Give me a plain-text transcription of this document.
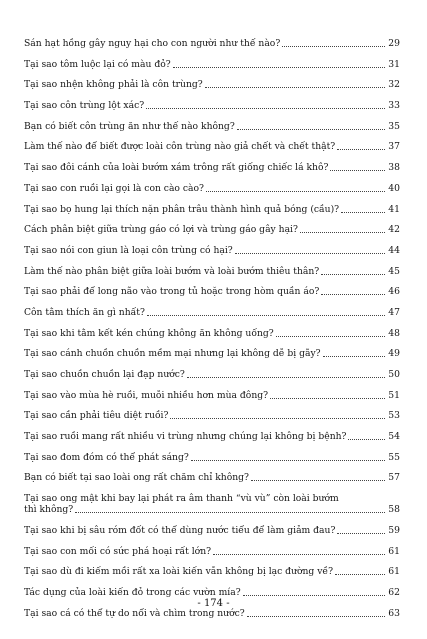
Sán hạt hồng gây nguy hại cho con người như thế nào?	29
Tại sao tôm luộc lại có màu đỏ?	31
Tại sao nhện không phải là côn trùng?	32
Tại sao côn trùng lột xác?	33
Bạn có biết côn trùng ăn như thế nào không?	35
Làm thế nào để biết được loài côn trùng nào giả chết và chết thật?	37
Tại sao đôi cánh của loài bướm xám trông rất giống chiếc lá khô?	38
Tại sao con ruồi lại gọi là con cào cào?	40
Tại sao bọ hung lại thích nặn phân trâu thành hình quả bóng (cầu)?	41
Cách phân biệt giữa trùng gáo có lợi và trùng gáo gây hại?	42
Tại sao nói con giun là loại côn trùng có hại?	44
Làm thế nào phân biệt giữa loài bướm và loài bướm thiêu thân?	45
Tại sao phải để long não vào trong tủ hoặc trong hòm quần áo?	46
Côn tằm thích ăn gì nhất?	47
Tại sao khi tằm kết kén chúng không ăn không uống?	48
Tại sao cánh chuồn chuồn mềm mại nhưng lại không dễ bị gãy?	49
Tại sao chuồn chuồn lại đạp nước?	50
Tại sao vào mùa hè ruồi, muỗi nhiều hơn mùa đông?	51
Tại sao cần phải tiêu diệt ruồi?	53
Tại sao ruồi mang rất nhiều vi trùng nhưng chúng lại không bị bệnh?	54
Tại sao đom đóm có thể phát sáng?	55
Bạn có biết tại sao loài ong rất chăm chỉ không?	57
Tại sao ong mật khi bay lại phát ra âm thanh “vù vù” còn loài bướm
thì không?	58
Tại sao khi bị sâu róm đốt có thể dùng nước tiểu để làm giảm đau?	59
Tại sao con mối có sức phá hoại rất lớn?	61
Tại sao dù đi kiếm mồi rất xa loài kiến vẫn không bị lạc đường về?	61
Tác dụng của loài kiến đỏ trong các vườn mía?	62
Tại sao cá có thể tự do nổi và chìm trong nước?	63
- 174 -
